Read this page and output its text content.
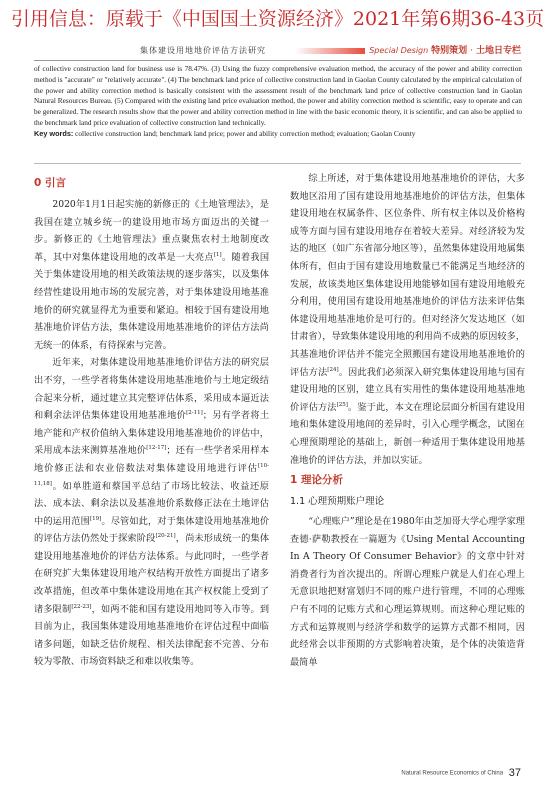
引用信息：原载于《中国国土资源经济》2021年第6期36-43页
集体建设用地地价评估方法研究	Special Design 特别策划 · 土地日专栏

of collective construction land for business use is 78.47%. (3) Using the fuzzy comprehensive evaluation method, the accuracy of the power and ability correction method is "accurate" or "relatively accurate". (4) The benchmark land price of collective construction land in Gaolan County calculated by the empirical calculation of the power and ability correction method is basically consistent with the assessment result of the benchmark land price of collective construction land in Gaolan Natural Resources Bureau. (5) Compared with the existing land price evaluation method, the power and ability correction method is scientific, easy to operate and can be generalized. The research results show that the power and ability correction method in line with the basic economic theory, it is scientific, and can also be applied to the benchmark land price evaluation of collective construction land technically.

Key words: collective construction land; benchmark land price; power and ability correction method; evaluation; Gaolan County

0 引言

2020年1月1日起实施的新修正的《土地管理法》，是我国在建立城乡统一的建设用地市场方面迈出的关键一步。新修正的《土地管理法》重点聚焦农村土地制度改革，其中对集体建设用地的改革是一大亮点[1]。随着我国关于集体建设用地的相关政策法规的逐步落实，以及集体经营性建设用地市场的发展完善，对于集体建设用地基准地价的研究就显得尤为重要和紧迫。相较于国有建设用地基准地价评估方法，集体建设用地基准地价的评估方法尚无统一的体系，有待探索与完善。

近年来，对集体建设用地基准地价评估方法的研究层出不穷，一些学者将集体建设用地基准地价与土地定级结合起来分析，通过建立其完整评估体系，采用成本逼近法和剩余法评估集体建设用地基准地价[2-11]；另有学者将土地产能和产权价值纳入集体建设用地基准地价的评估中，采用成本法来测算基准地价[12-17]；还有一些学者采用样本地价修正法和农业倍数法对集体建设用地进行评估[10-11,18]。如单胜道和蔡国平总结了市场比较法、收益还原法、成本法、剩余法以及基准地价系数修正法在土地评估中的运用范围[19]。尽管如此，对于集体建设用地基准地价的评估方法仍然处于探索阶段[20-21]，尚未形成统一的集体建设用地基准地价的评估方法体系。与此同时，一些学者在研究扩大集体建设用地产权结构开放性方面提出了诸多改革措施，但改革中集体建设用地在其产权权能上受到了诸多限制[22-23]，如两不能和国有建设用地同等入市等。到目前为止，我国集体建设用地基准地价在评估过程中面临诸多问题，如缺乏估价规程、相关法律配套不完善、分布较为零散、市场资料缺乏和难以收集等。

综上所述，对于集体建设用地基准地价的评估，大多数地区沿用了国有建设用地基准地价的评估方法，但集体建设用地在权属条件、区位条件、所有权主体以及价格构成等方面与国有建设用地存在着较大差异。对经济较为发达的地区（如广东省部分地区等），虽然集体建设用地属集体所有，但由于国有建设用地数量已不能满足当地经济的发展，故该类地区集体建设用地能够如国有建设用地般充分利用，使用国有建设用地基准地价的评估方法来评估集体建设用地基准地价是可行的。但对经济欠发达地区（如甘肃省），导致集体建设用地的利用尚不成熟的原因较多，其基准地价评估并不能完全照搬国有建设用地基准地价的评估方法[24]。因此我们必须深入研究集体建设用地与国有建设用地的区别，建立具有实用性的集体建设用地基准地价评估方法[25]。鉴于此，本文在理论层面分析国有建设用地和集体建设用地间的差异时，引入心理学概念，试图在心理预期理论的基础上，新创一种适用于集体建设用地基准地价的评估方法，并加以实证。

1 理论分析
1.1 心理预期账户理论

“心理账户”理论是在1980年由芝加哥大学心理学家理查德·萨勒教授在一篇题为《Using Mental Accounting In A Theory Of Consumer Behavior》的文章中针对消费者行为首次提出的。所谓心理账户就是人们在心理上无意识地把财富划归不同的账户进行管理，不同的心理账户有不同的记账方式和心理运算规则。而这种心理记账的方式和运算规则与经济学和数学的运算方式都不相同，因此经常会以非预期的方式影响着决策，是个体的决策造背最简单

Natural Resource Economics of China 37
